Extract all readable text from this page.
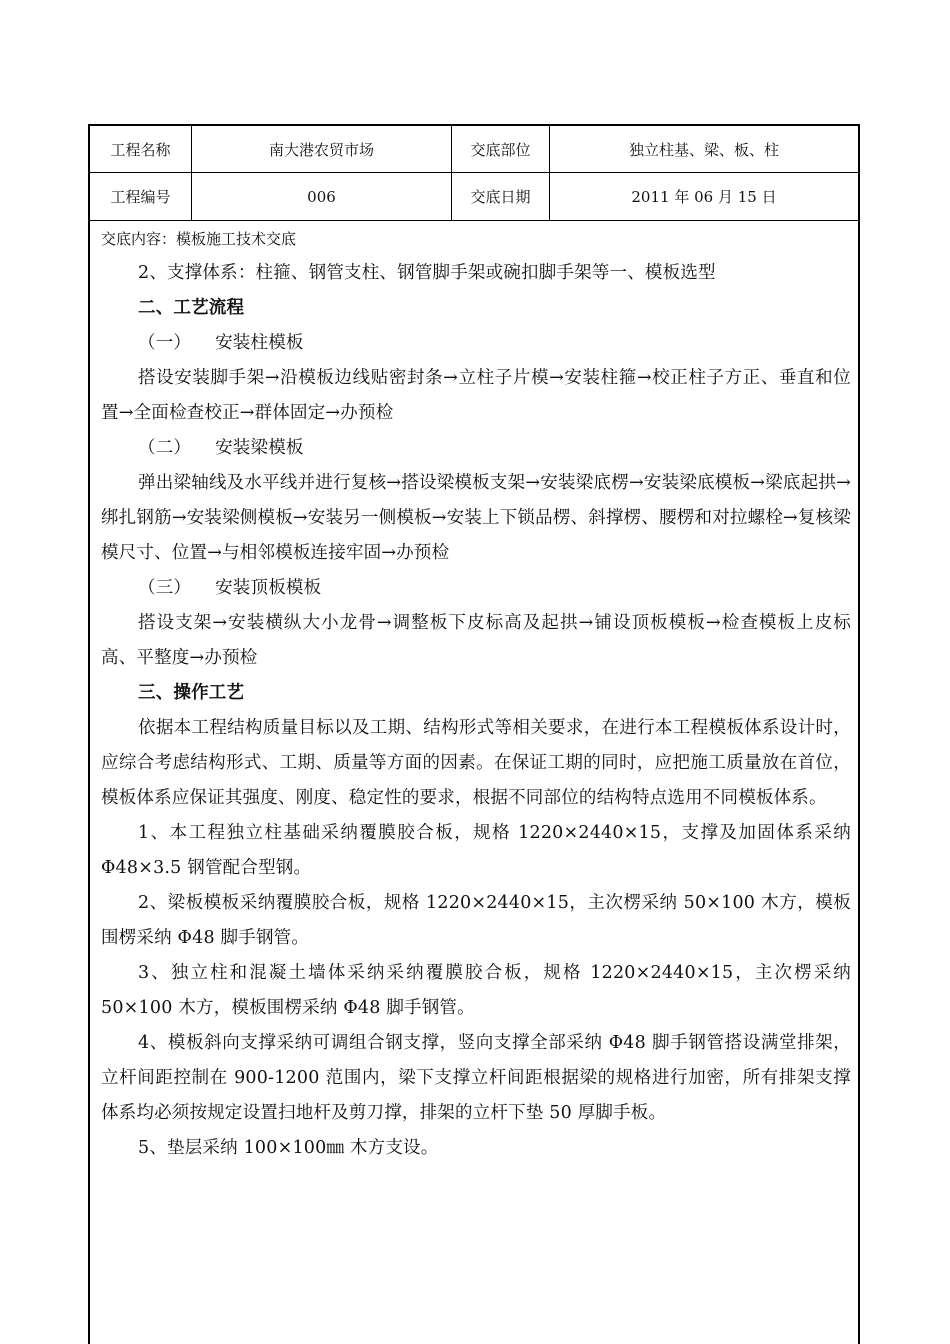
工程名称	南大港农贸市场	交底部位	独立柱基、梁、板、柱
工程编号	006	交底日期	2011 年 06 月 15 日

交底内容：模板施工技术交底

2、支撑体系：柱箍、钢管支柱、钢管脚手架或碗扣脚手架等一、模板选型

二、工艺流程

（一） 安装柱模板

搭设安装脚手架→沿模板边线贴密封条→立柱子片模→安装柱箍→校正柱子方正、垂直和位置→全面检查校正→群体固定→办预检

（二） 安装梁模板

弹出梁轴线及水平线并进行复核→搭设梁模板支架→安装梁底楞→安装梁底模板→梁底起拱→绑扎钢筋→安装梁侧模板→安装另一侧模板→安装上下锁品楞、斜撑楞、腰楞和对拉螺栓→复核梁模尺寸、位置→与相邻模板连接牢固→办预检

（三） 安装顶板模板

搭设支架→安装横纵大小龙骨→调整板下皮标高及起拱→铺设顶板模板→检查模板上皮标高、平整度→办预检

三、操作工艺

依据本工程结构质量目标以及工期、结构形式等相关要求，在进行本工程模板体系设计时，应综合考虑结构形式、工期、质量等方面的因素。在保证工期的同时，应把施工质量放在首位，模板体系应保证其强度、刚度、稳定性的要求，根据不同部位的结构特点选用不同模板体系。

1、本工程独立柱基础采纳覆膜胶合板，规格 1220×2440×15，支撑及加固体系采纳Φ48×3.5 钢管配合型钢。

2、梁板模板采纳覆膜胶合板，规格 1220×2440×15，主次楞采纳 50×100 木方，模板围楞采纳 Φ48 脚手钢管。

3、独立柱和混凝土墙体采纳采纳覆膜胶合板，规格 1220×2440×15，主次楞采纳 50×100 木方，模板围楞采纳 Φ48 脚手钢管。

4、模板斜向支撑采纳可调组合钢支撑，竖向支撑全部采纳 Φ48 脚手钢管搭设满堂排架，立杆间距控制在 900-1200 范围内，梁下支撑立杆间距根据梁的规格进行加密，所有排架支撑体系均必须按规定设置扫地杆及剪刀撑，排架的立杆下垫 50 厚脚手板。

5、垫层采纳 100×100㎜ 木方支设。
